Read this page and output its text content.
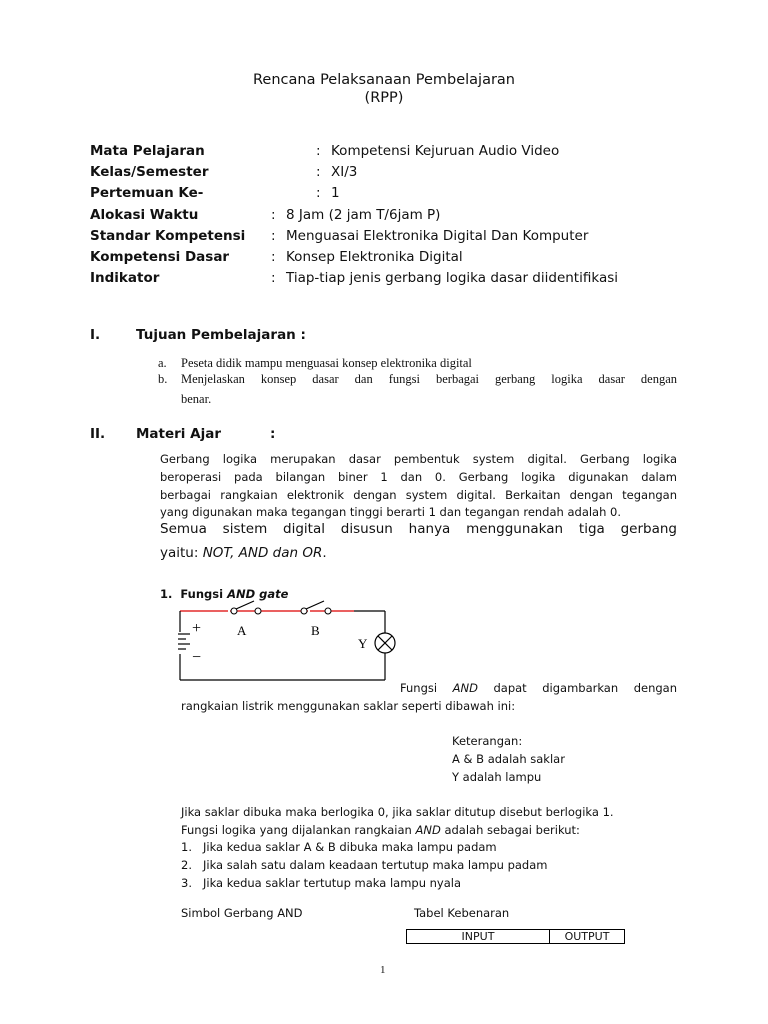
Rencana Pelaksanaan Pembelajaran
(RPP)
Mata Pelajaran	: Kompetensi Kejuruan Audio Video
Kelas/Semester	: XI/3
Pertemuan Ke-	: 1
Alokasi Waktu	: 8 Jam (2 jam T/6jam P)
Standar Kompetensi : Menguasai Elektronika Digital Dan Komputer
Kompetensi Dasar	: Konsep Elektronika Digital
Indikator	: Tiap-tiap jenis gerbang logika dasar diidentifikasi
I.	Tujuan Pembelajaran :
a. Peseta didik mampu menguasai konsep elektronika digital
b. Menjelaskan konsep dasar dan fungsi berbagai gerbang logika dasar dengan
benar.
II. Materi Ajar	:
Gerbang logika merupakan dasar pembentuk system digital. Gerbang logika
beroperasi pada bilangan biner 1 dan 0. Gerbang logika digunakan dalam
berbagai rangkaian elektronik dengan system digital. Berkaitan dengan tegangan
yang digunakan maka tegangan tinggi berarti 1 dan tegangan rendah adalah 0.
Semua sistem digital disusun hanya menggunakan tiga gerbang
yaitu: NOT, AND dan OR.
1. Fungsi AND gate
+
−
A	B
Y
Fungsi AND dapat digambarkan dengan
rangkaian listrik menggunakan saklar seperti dibawah ini:
Keterangan:
A & B adalah saklar
Y adalah lampu
Jika saklar dibuka maka berlogika 0, jika saklar ditutup disebut berlogika 1.
Fungsi logika yang dijalankan rangkaian AND adalah sebagai berikut:
1. Jika kedua saklar A & B dibuka maka lampu padam
2. Jika salah satu dalam keadaan tertutup maka lampu padam
3. Jika kedua saklar tertutup maka lampu nyala
Simbol Gerbang AND	Tabel Kebenaran
INPUT	OUTPUT
1
